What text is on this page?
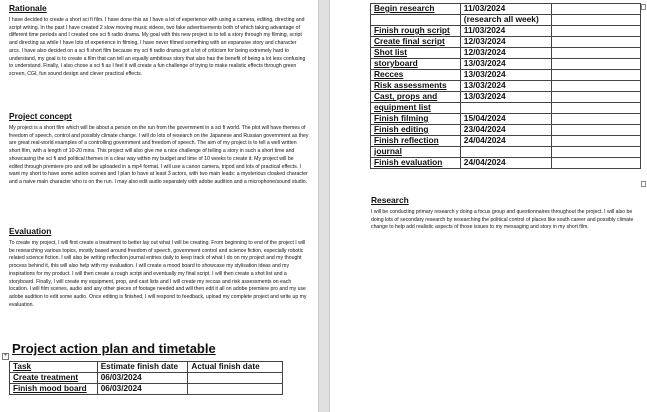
Rationale

I have decided to create a short sci fi film. I have done this as I have a lot of experience with using a camera, editing, directing and script writing. In the past I have created 2 slow moving music videos, two fake advertisements both of which taking advantage of different time periods and I created one sci fi radio drama. My goal with this new project is to tell a story through my filming, script and directing as while I have lots of experience in filming, I have never filmed something with an expansive story and character arcs. I have also decided on a sci fi short film because my sci fi radio drama got a lot of criticism for being extremely hard to understand, my goal is to create a film that can tell an equally ambitious story that also has the benefit of being a lot less confusing to understand. Finally, I also chose a sci fi as I feel it will create a fun challenge of trying to make realistic effects through green screen, CGI, fun sound design and clever practical effects.

Project concept

My project is a short film which will be about a person on the run from the government in a sci fi world. The plot will have themes of freedom of speech, control and possibly climate change. I will do lots of research on the Japanese and Russian government as they are great real-world examples of a controlling government and freedom of speech. The aim of my project is to tell a well written short film, with a length of 10-20 mins. This project will also give me a nice challenge of telling a story in such a short time and showcasing the sci fi and political themes in a clear way within my budget and time of 10 weeks to create it. My project will be edited through premiere pro and will be uploaded in a mp4 format. I will use a canon camera, tripod and lots of practical effects. I want my short to have some action scenes and I plan to have at least 3 actors, with two main leads: a mysterious cloaked character and a naive main character who is on the run. I may also edit audio separately with adobe audition and a microphone/sound studio.

Evaluation

To create my project, I will first create a treatment to better lay out what I will be creating. From beginning to end of the project I will be researching various topics, mostly based around freedom of speech, government control and science fiction, especially robotic related science fiction. I will also be writing reflection journal entries daily to keep track of what I do on my project and my thought process behind it, this will also help with my evaluation. I will create a mood board to showcase my stylisation ideas and my inspirations for my product. I will then create a rough script and eventually my final script. I will then create a shot list and a storyboard. Finally, I will create my equipment, prop, and cast lists and I will create my reccas and risk assessments on each location. I will film scenes, audio and any other pieces of footage needed and will then edit it all on adobe premiere pro and my use adobe audition to edit some audio. Once editing is finished, I will respond to feedback, upload my complete project and write up my evaluation.

+ Project action plan and timetable
Task	Estimate finish date	Actual finish date
Create treatment	06/03/2024	
Finish mood board	06/03/2024	
Begin research	11/03/2024	
	(research all week)	
Finish rough script	11/03/2024	
Create final script	12/03/2024	
Shot list	12/03/2024	
storyboard	13/03/2024	
Recces	13/03/2024	
Risk assessments	13/03/2024	
Cast, props and	13/03/2024	
equipment list		
Finish filming	15/04/2024	
Finish editing	23/04/2024	
Finish reflection	24/04/2024	
journal		
Finish evaluation	24/04/2024	
Research

I will be conducting primary research y doing a focus group and questionnaires throughout the project. I will also be doing lots of secondary research by researching the political control of places like south career and possibly climate change to help add realistic aspects of those issues to my messaging and story in my short film.
